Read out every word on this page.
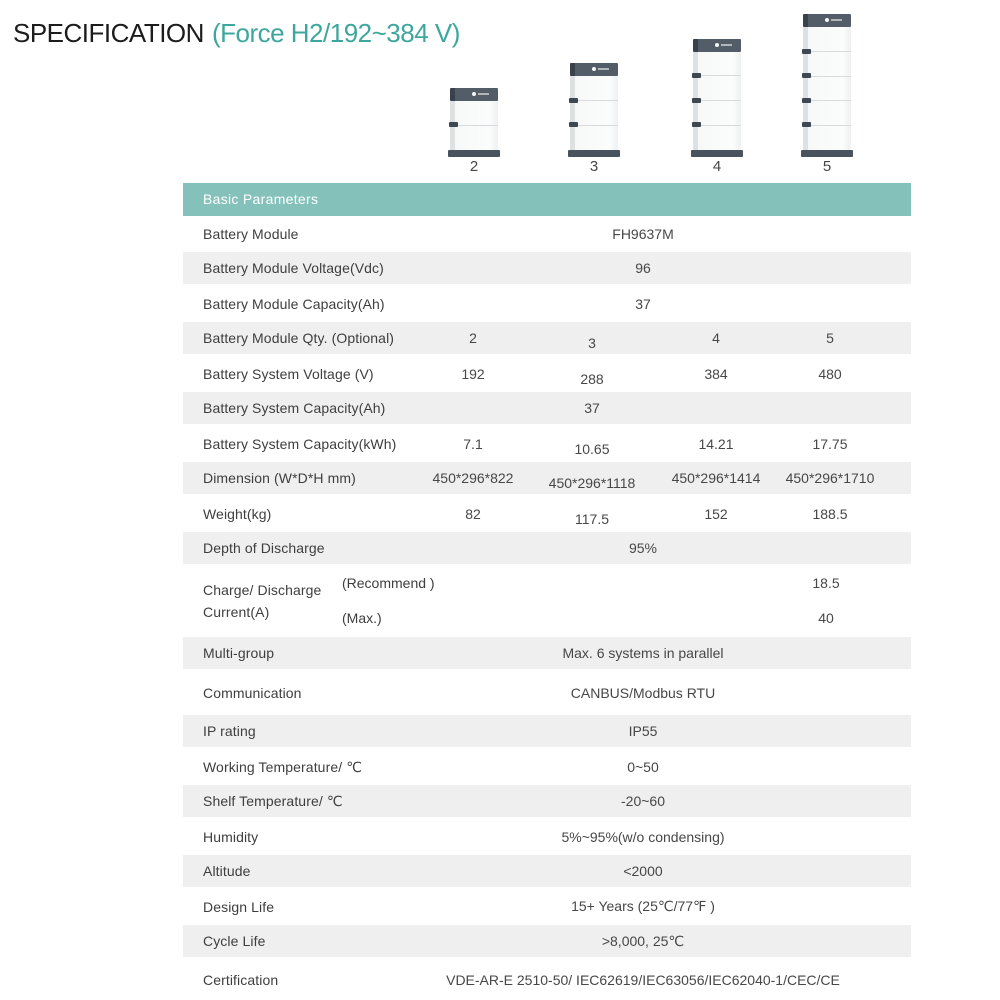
SPECIFICATION (Force H2/192~384 V)
2	3	4	5
Basic Parameters
Battery Module	FH9637M
Battery Module Voltage(Vdc)	96
Battery Module Capacity(Ah)	37
Battery Module Qty. (Optional)	2	3	4	5
Battery System Voltage (V)	192	288	384	480
Battery System Capacity(Ah)	37
Battery System Capacity(kWh)	7.1	10.65	14.21	17.75
Dimension (W*D*H mm)	450*296*822	450*296*1118	450*296*1414	450*296*1710
Weight(kg)	82	117.5	152	188.5
Depth of Discharge	95%
Charge/ Discharge
Current(A)
(Recommend )	18.5
(Max.)	40
Multi-group	Max. 6 systems in parallel
Communication	CANBUS/Modbus RTU
IP rating	IP55
Working Temperature/ ℃	0~50
Shelf Temperature/ ℃	-20~60
Humidity	5%~95%(w/o condensing)
Altitude	<2000
Design Life	15+ Years (25℃/77℉ )
Cycle Life	>8,000, 25℃
Certification	VDE-AR-E 2510-50/ IEC62619/IEC63056/IEC62040-1/CEC/CE
